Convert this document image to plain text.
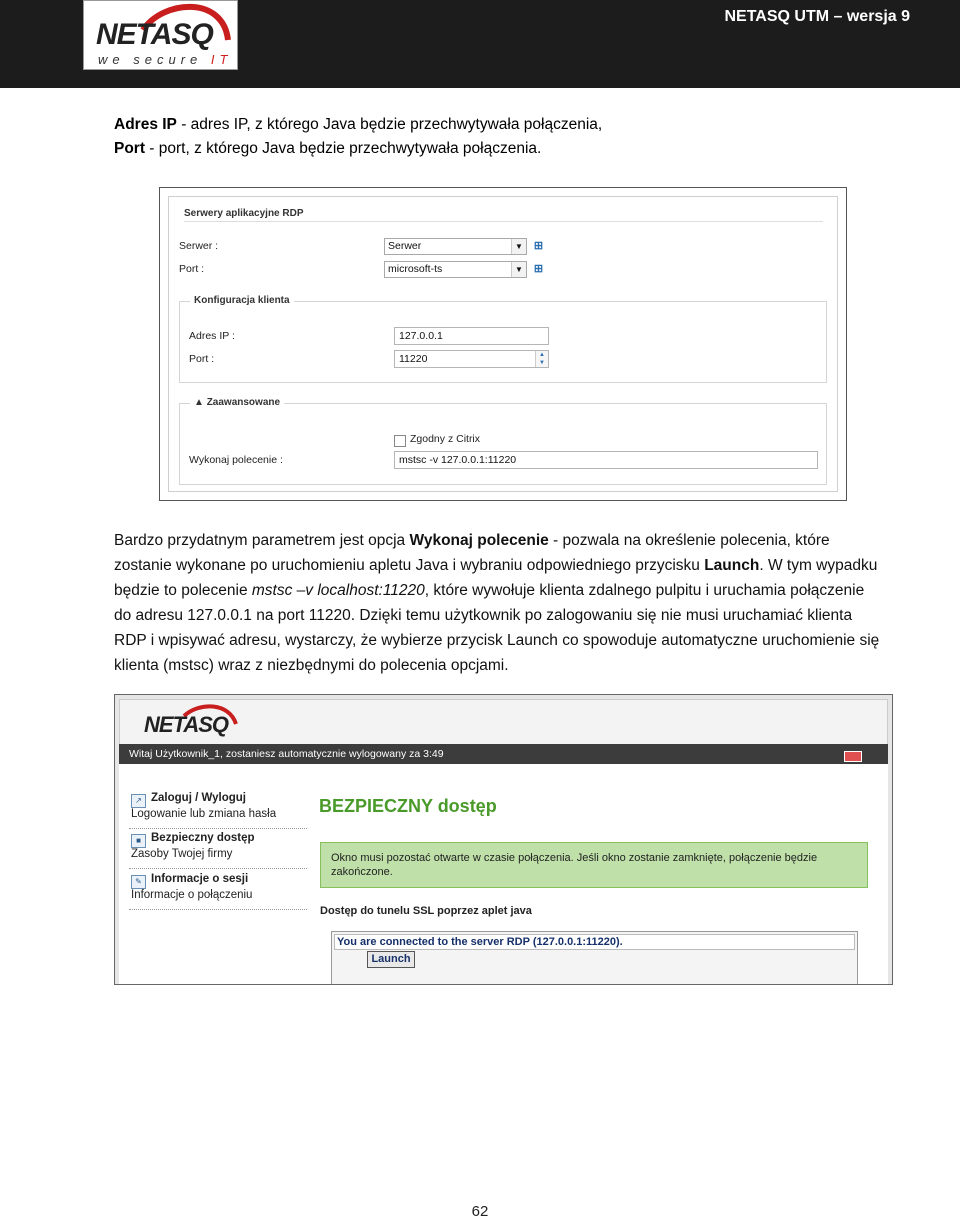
NETASQ
we secure IT
NETASQ UTM – wersja 9
Adres IP - adres IP, z którego Java będzie przechwytywała połączenia,
Port - port, z którego Java będzie przechwytywała połączenia.
Serwery aplikacyjne RDP
Serwer :	Serwer	▼ ⊞
Port :	microsoft-ts	▼ ⊞
Konfiguracja klienta
Adres IP :	127.0.0.1
Port :	11220	▲
▼
▲ Zaawansowane
Zgodny z Citrix
Wykonaj polecenie :	mstsc -v 127.0.0.1:11220
Bardzo przydatnym parametrem jest opcja Wykonaj polecenie - pozwala na określenie polecenia, które zostanie wykonane po uruchomieniu apletu Java i wybraniu odpowiedniego przycisku Launch. W tym wypadku będzie to polecenie mstsc –v localhost:11220, które wywołuje klienta zdalnego pulpitu i uruchamia połączenie do adresu 127.0.0.1 na port 11220. Dzięki temu użytkownik po zalogowaniu się nie musi uruchamiać klienta RDP i wpisywać adresu, wystarczy, że wybierze przycisk Launch co spowoduje automatyczne uruchomienie się klienta (mstsc) wraz z niezbędnymi do polecenia opcjami.
NETASQ
Witaj Użytkownik_1, zostaniesz automatycznie wylogowany za 3:49
↗ Zaloguj / Wyloguj
Logowanie lub zmiana hasła
■ Bezpieczny dostęp
Zasoby Twojej firmy
✎ Informacje o sesji
Informacje o połączeniu
BEZPIECZNY dostęp
Okno musi pozostać otwarte w czasie połączenia. Jeśli okno zostanie zamknięte, połączenie będzie zakończone.
Dostęp do tunelu SSL poprzez aplet java
You are connected to the server RDP (127.0.0.1:11220).
Launch
62
